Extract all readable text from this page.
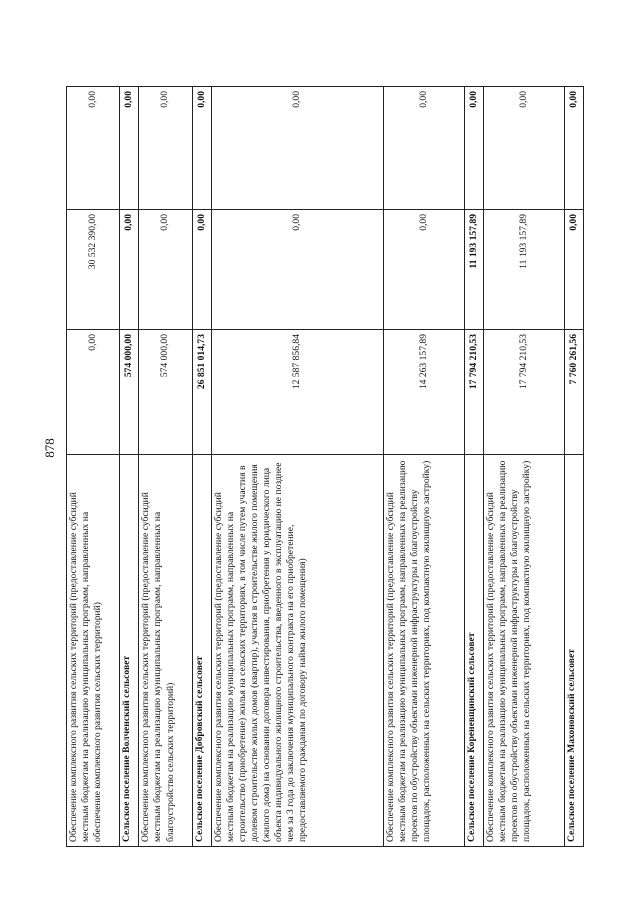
878
Обеспечение комплексного развития сельских территорий (предоставление субсидий местным бюджетам на реализацию муниципальных программ, направленных на обеспечение комплексного развития сельских территорий)	0,00	30 532 390,00	0,00
Сельское поселение Волченский сельсовет	574 000,00	0,00	0,00
Обеспечение комплексного развития сельских территорий (предоставление субсидий местным бюджетам на реализацию муниципальных программ, направленных на благоустройство сельских территорий)	574 000,00	0,00	0,00
Сельское поселение Добровский сельсовет	26 851 014,73	0,00	0,00
Обеспечение комплексного развития сельских территорий (предоставление субсидий местным бюджетам на реализацию муниципальных программ, направленных на строительство (приобретение) жилья на сельских территориях, в том числе путем участия в долевом строительстве жилых домов (квартир), участия в строительстве жилого помещения (жилого дома) на основании договора инвестирования, приобретения у юридического лица объекта индивидуального жилищного строительства, введенного в эксплуатацию не позднее чем за 3 года до заключения муниципального контракта на его приобретение, предоставляемого гражданам по договору найма жилого помещения)	12 587 856,84	0,00	0,00
Обеспечение комплексного развития сельских территорий (предоставление субсидий местным бюджетам на реализацию муниципальных программ, направленных на реализацию проектов по обустройству объектами инженерной инфраструктуры и благоустройству площадок, расположенных на сельских территориях, под компактную жилищную застройку)	14 263 157,89	0,00	0,00
Сельское поселение Кореневщинский сельсовет	17 794 210,53	11 193 157,89	0,00
Обеспечение комплексного развития сельских территорий (предоставление субсидий местным бюджетам на реализацию муниципальных программ, направленных на реализацию проектов по обустройству объектами инженерной инфраструктуры и благоустройству площадок, расположенных на сельских территориях, под компактную жилищную застройку)	17 794 210,53	11 193 157,89	0,00
Сельское поселение Махоновский сельсовет	7 760 261,56	0,00	0,00
